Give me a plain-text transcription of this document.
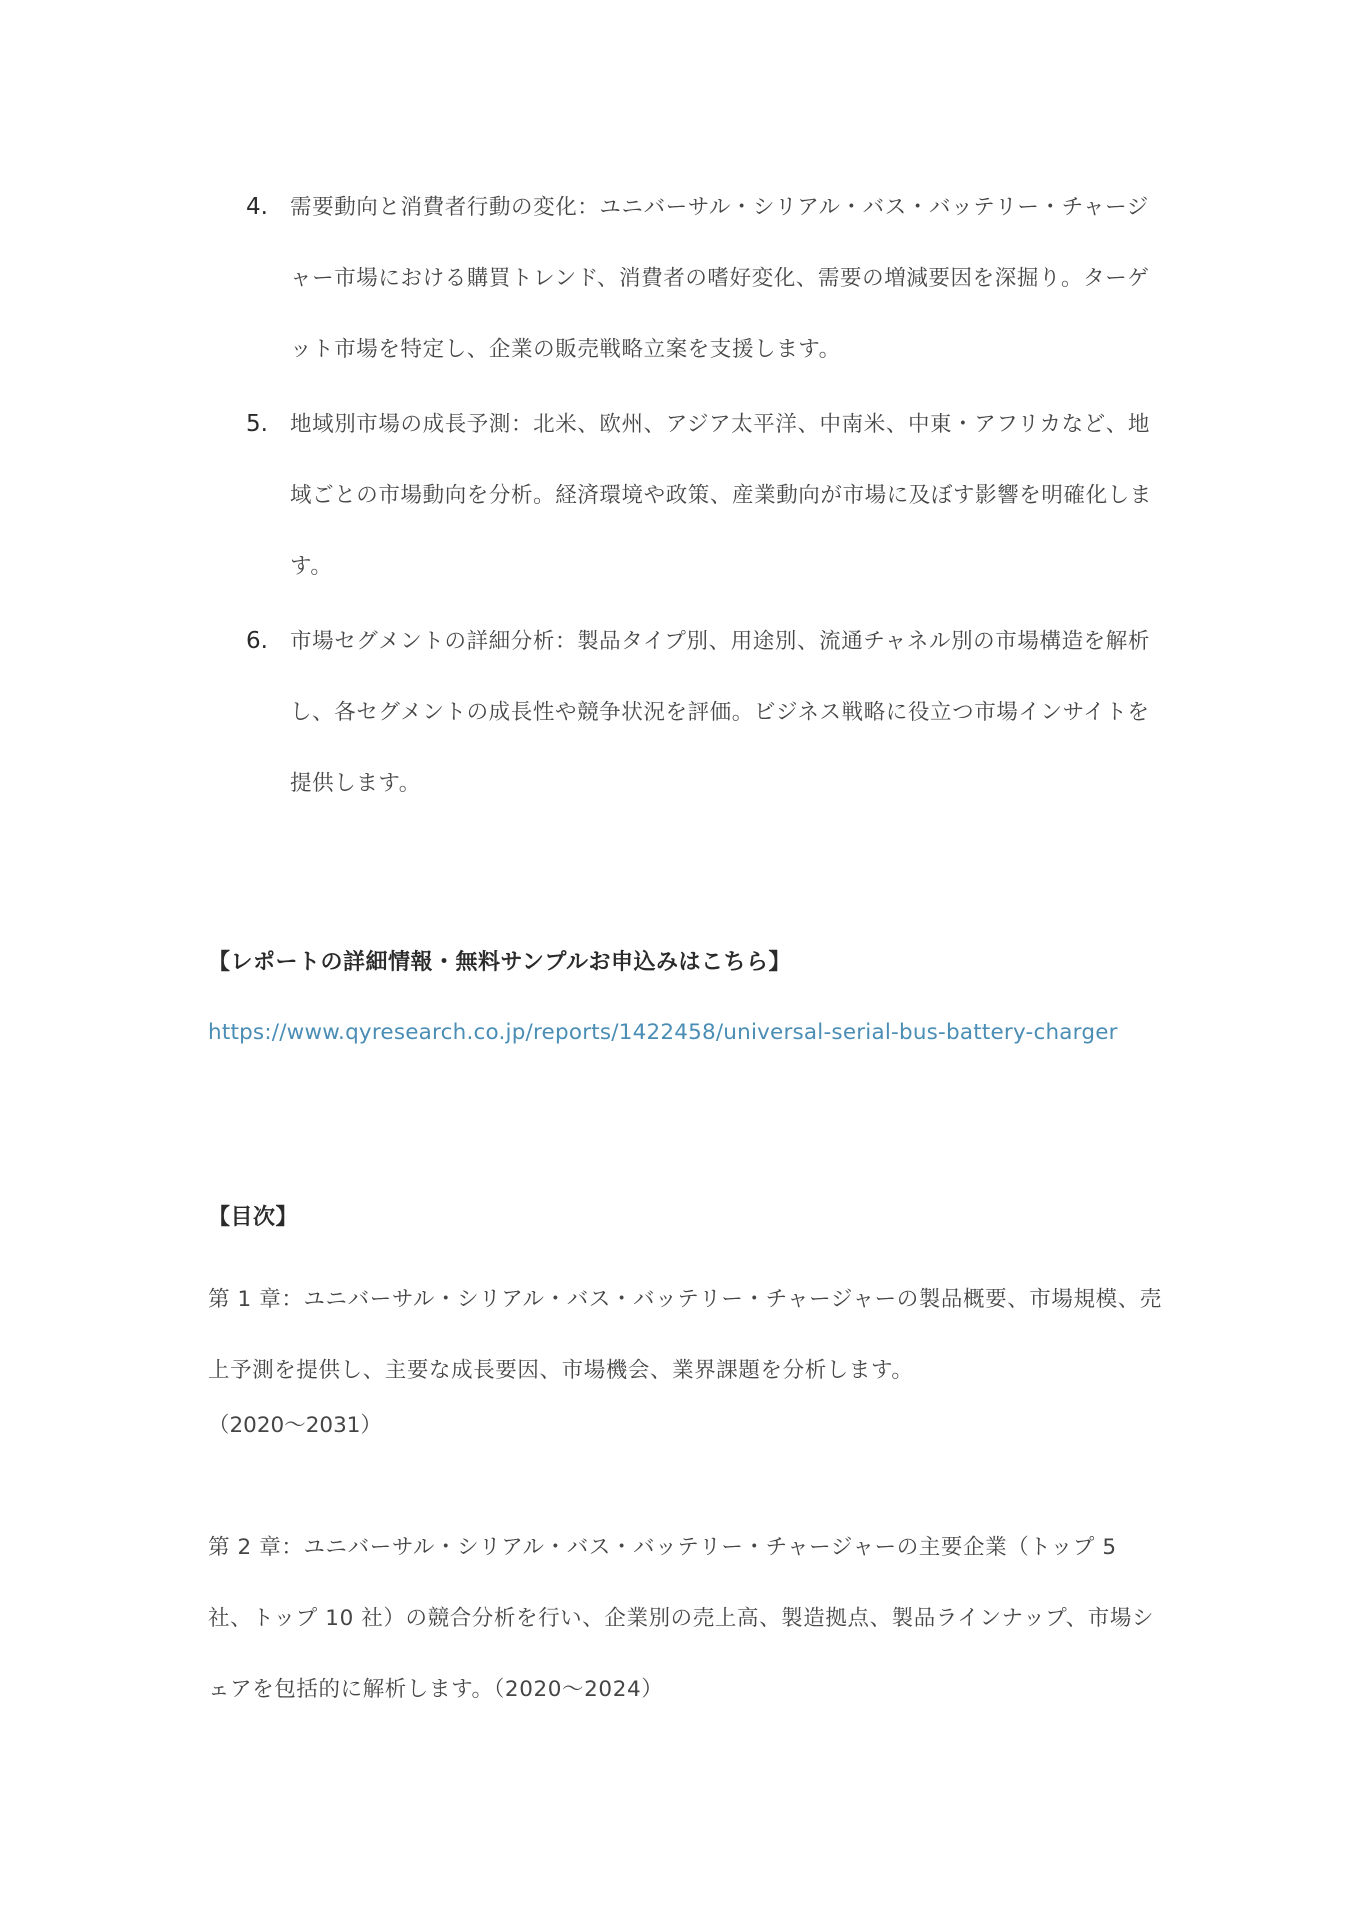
4. 需要動向と消費者行動の変化：ユニバーサル・シリアル・バス・バッテリー・チャージャー市場における購買トレンド、消費者の嗜好変化、需要の増減要因を深掘り。ターゲット市場を特定し、企業の販売戦略立案を支援します。
5. 地域別市場の成長予測：北米、欧州、アジア太平洋、中南米、中東・アフリカなど、地域ごとの市場動向を分析。経済環境や政策、産業動向が市場に及ぼす影響を明確化します。
6. 市場セグメントの詳細分析：製品タイプ別、用途別、流通チャネル別の市場構造を解析し、各セグメントの成長性や競争状況を評価。ビジネス戦略に役立つ市場インサイトを提供します。
【レポートの詳細情報・無料サンプルお申込みはこちら】
https://www.qyresearch.co.jp/reports/1422458/universal-serial-bus-battery-charger
【目次】
第 1 章：ユニバーサル・シリアル・バス・バッテリー・チャージャーの製品概要、市場規模、売上予測を提供し、主要な成長要因、市場機会、業界課題を分析します。
（2020～2031）
第 2 章：ユニバーサル・シリアル・バス・バッテリー・チャージャーの主要企業（トップ 5 社、トップ 10 社）の競合分析を行い、企業別の売上高、製造拠点、製品ラインナップ、市場シェアを包括的に解析します。（2020～2024）
